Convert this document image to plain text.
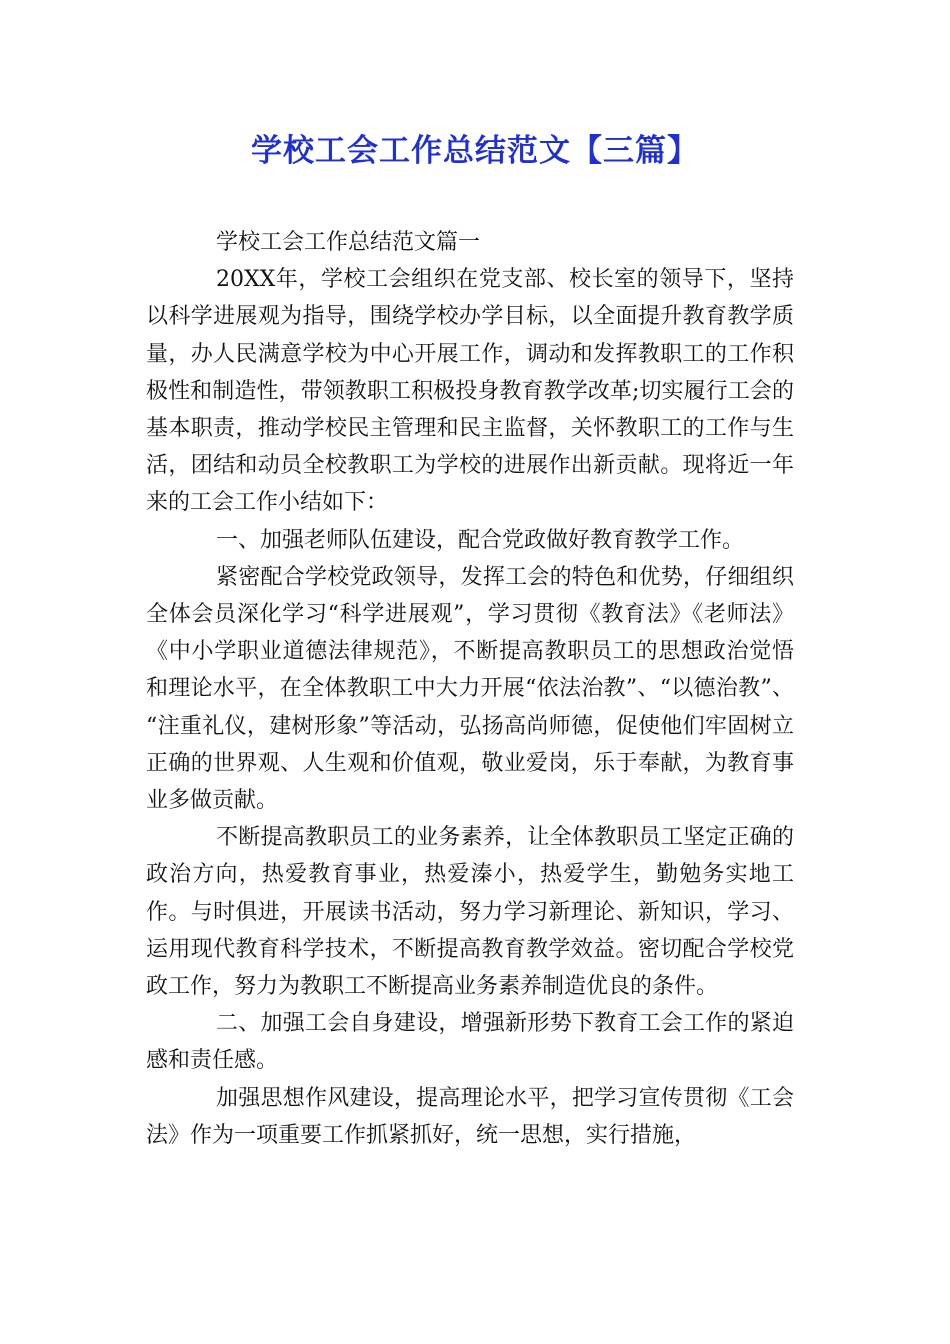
学校工会工作总结范文【三篇】

学校工会工作总结范文篇一

20XX年，学校工会组织在党支部、校长室的领导下，坚持以科学进展观为指导，围绕学校办学目标，以全面提升教育教学质量，办人民满意学校为中心开展工作，调动和发挥教职工的工作积极性和制造性，带领教职工积极投身教育教学改革;切实履行工会的基本职责，推动学校民主管理和民主监督，关怀教职工的工作与生活，团结和动员全校教职工为学校的进展作出新贡献。现将近一年来的工会工作小结如下：

一、加强老师队伍建设，配合党政做好教育教学工作。

紧密配合学校党政领导，发挥工会的特色和优势，仔细组织全体会员深化学习“科学进展观”，学习贯彻《教育法》《老师法》《中小学职业道德法律规范》，不断提高教职员工的思想政治觉悟和理论水平，在全体教职工中大力开展“依法治教”、“以德治教”、 “注重礼仪，建树形象”等活动，弘扬高尚师德，促使他们牢固树立正确的世界观、人生观和价值观，敬业爱岗，乐于奉献，为教育事业多做贡献。

不断提高教职员工的业务素养，让全体教职员工坚定正确的政治方向，热爱教育事业，热爱溱小，热爱学生，勤勉务实地工作。与时俱进，开展读书活动，努力学习新理论、新知识，学习、运用现代教育科学技术，不断提高教育教学效益。密切配合学校党政工作，努力为教职工不断提高业务素养制造优良的条件。

二、加强工会自身建设，增强新形势下教育工会工作的紧迫感和责任感。

加强思想作风建设，提高理论水平，把学习宣传贯彻《工会法》作为一项重要工作抓紧抓好，统一思想，实行措施，
